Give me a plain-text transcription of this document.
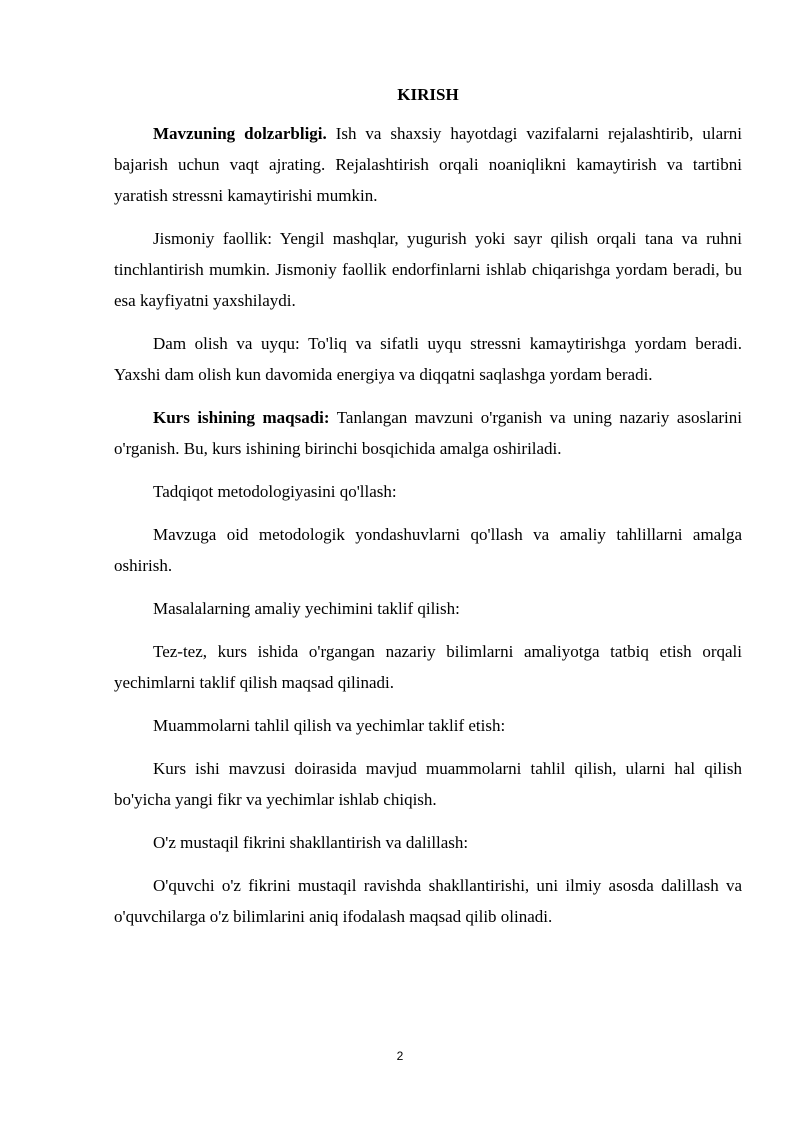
KIRISH

Mavzuning dolzarbligi. Ish va shaxsiy hayotdagi vazifalarni rejalashtirib, ularni bajarish uchun vaqt ajrating. Rejalashtirish orqali noaniqlikni kamaytirish va tartibni yaratish stressni kamaytirishi mumkin.

Jismoniy faollik: Yengil mashqlar, yugurish yoki sayr qilish orqali tana va ruhni tinchlantirish mumkin. Jismoniy faollik endorfinlarni ishlab chiqarishga yordam beradi, bu esa kayfiyatni yaxshilaydi.

Dam olish va uyqu: To'liq va sifatli uyqu stressni kamaytirishga yordam beradi. Yaxshi dam olish kun davomida energiya va diqqatni saqlashga yordam beradi.

Kurs ishining maqsadi: Tanlangan mavzuni o'rganish va uning nazariy asoslarini o'rganish. Bu, kurs ishining birinchi bosqichida amalga oshiriladi.

Tadqiqot metodologiyasini qo'llash:

Mavzuga oid metodologik yondashuvlarni qo'llash va amaliy tahlillarni amalga oshirish.

Masalalarning amaliy yechimini taklif qilish:

Tez-tez, kurs ishida o'rgangan nazariy bilimlarni amaliyotga tatbiq etish orqali yechimlarni taklif qilish maqsad qilinadi.

Muammolarni tahlil qilish va yechimlar taklif etish:

Kurs ishi mavzusi doirasida mavjud muammolarni tahlil qilish, ularni hal qilish bo'yicha yangi fikr va yechimlar ishlab chiqish.

O'z mustaqil fikrini shakllantirish va dalillash:

O'quvchi o'z fikrini mustaqil ravishda shakllantirishi, uni ilmiy asosda dalillash va o'quvchilarga o'z bilimlarini aniq ifodalash maqsad qilib olinadi.

2
